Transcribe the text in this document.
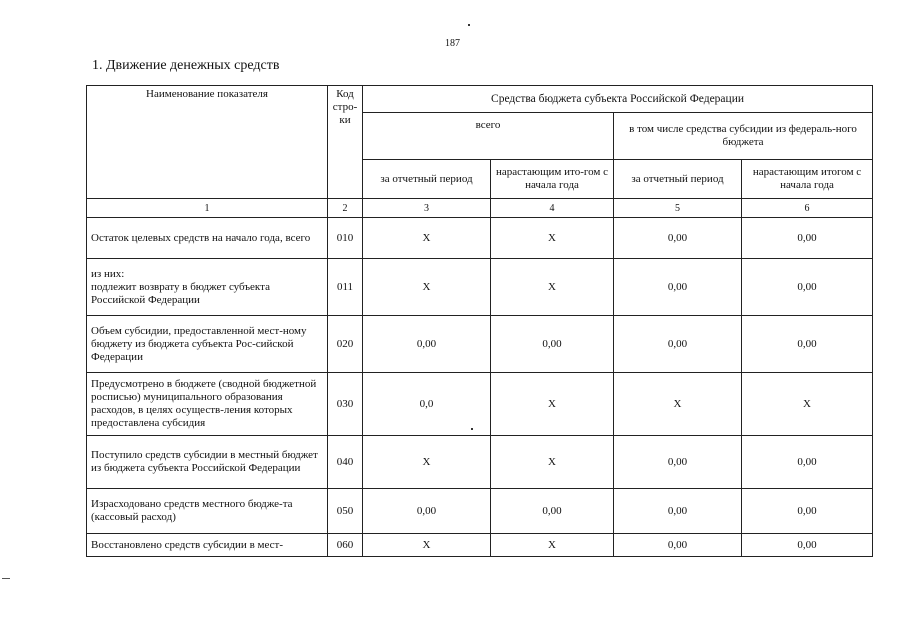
187
1. Движение денежных средств
Наименование показателя	Код стро-ки	Средства бюджета субъекта Российской Федерации			
		всего		в том числе средства субсидии из федераль-ного бюджета	
		за отчетный период	нарастающим ито-гом с начала года	за отчетный период	нарастающим итогом с начала года
1	2	3	4	5	6
Остаток целевых средств на начало года, всего	010	X	X	0,00	0,00
из них:
подлежит возврату в бюджет субъекта Российской Федерации	011	X	X	0,00	0,00
Объем субсидии, предоставленной мест-ному бюджету из бюджета субъекта Рос-сийской Федерации	020	0,00	0,00	0,00	0,00
Предусмотрено в бюджете (сводной бюджетной росписью) муниципального образования расходов, в целях осуществ-ления которых предоставлена субсидия	030	0,0	X	X	X
Поступило средств субсидии в местный бюджет из бюджета субъекта Российской Федерации	040	X	X	0,00	0,00
Израсходовано средств местного бюдже-та (кассовый расход)	050	0,00	0,00	0,00	0,00
Восстановлено средств субсидии в мест-	060	X	X	0,00	0,00
